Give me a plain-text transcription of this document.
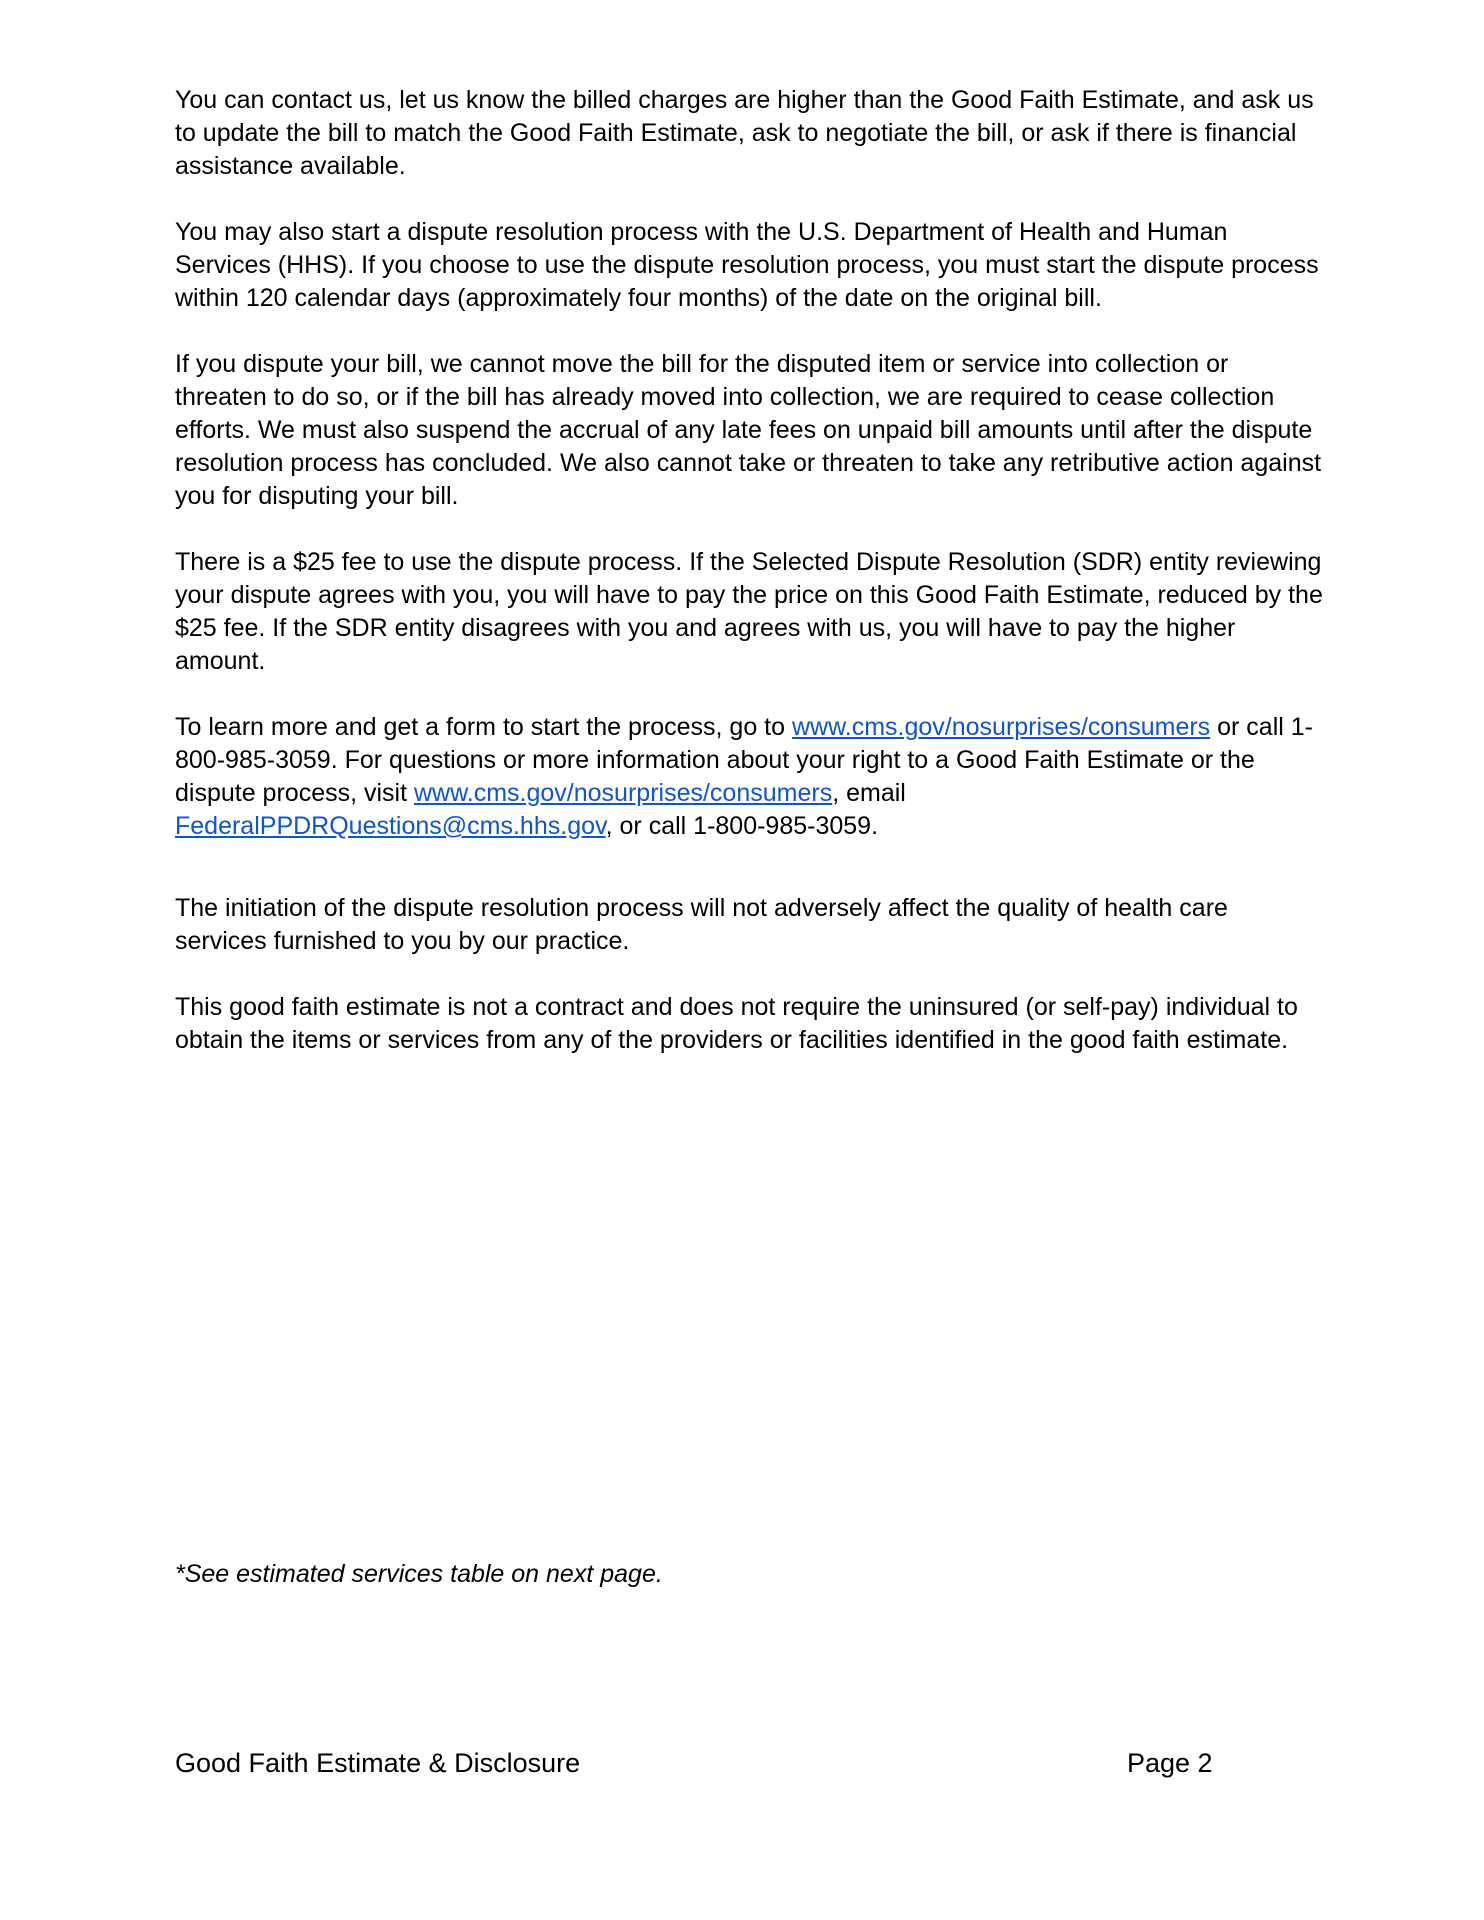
You can contact us, let us know the billed charges are higher than the Good Faith Estimate, and ask us to update the bill to match the Good Faith Estimate, ask to negotiate the bill, or ask if there is financial assistance available.

You may also start a dispute resolution process with the U.S. Department of Health and Human Services (HHS). If you choose to use the dispute resolution process, you must start the dispute process within 120 calendar days (approximately four months) of the date on the original bill.

If you dispute your bill, we cannot move the bill for the disputed item or service into collection or threaten to do so, or if the bill has already moved into collection, we are required to cease collection efforts. We must also suspend the accrual of any late fees on unpaid bill amounts until after the dispute resolution process has concluded. We also cannot take or threaten to take any retributive action against you for disputing your bill.

There is a $25 fee to use the dispute process. If the Selected Dispute Resolution (SDR) entity reviewing your dispute agrees with you, you will have to pay the price on this Good Faith Estimate, reduced by the $25 fee. If the SDR entity disagrees with you and agrees with us, you will have to pay the higher amount.

To learn more and get a form to start the process, go to www.cms.gov/nosurprises/consumers or call 1-800-985-3059. For questions or more information about your right to a Good Faith Estimate or the dispute process, visit www.cms.gov/nosurprises/consumers, email FederalPPDRQuestions@cms.hhs.gov, or call 1-800-985-3059.

The initiation of the dispute resolution process will not adversely affect the quality of health care services furnished to you by our practice.

This good faith estimate is not a contract and does not require the uninsured (or self-pay) individual to obtain the items or services from any of the providers or facilities identified in the good faith estimate.

*See estimated services table on next page.

Good Faith Estimate & Disclosure	Page 2
